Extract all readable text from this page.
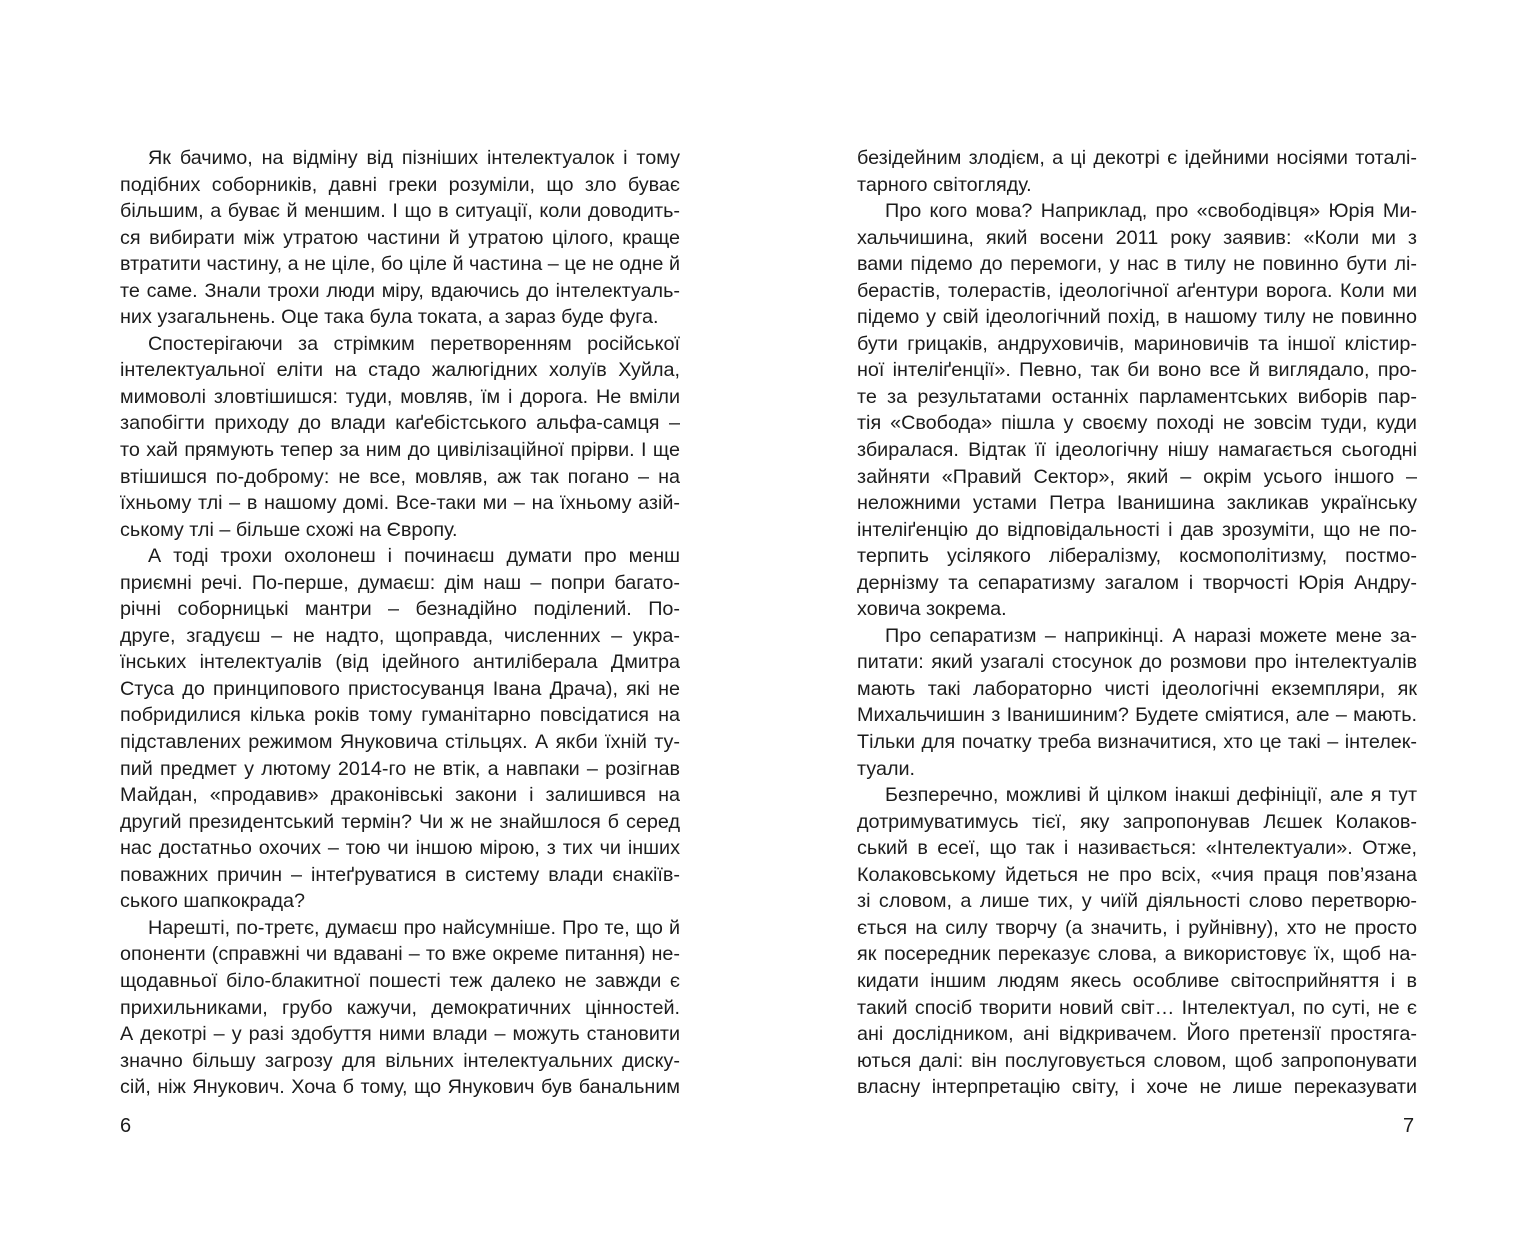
Як бачимо, на відміну від пізніших інтелектуалок і тому
подібних соборників, давні греки розуміли, що зло буває
більшим, а буває й меншим. І що в ситуації, коли доводить-
ся вибирати між утратою частини й утратою цілого, краще
втратити частину, а не ціле, бо ціле й частина – це не одне й
те саме. Знали трохи люди міру, вдаючись до інтелектуаль-
них узагальнень. Оце така була токата, а зараз буде фуга.
Спостерігаючи за стрімким перетворенням російської
інтелектуальної еліти на стадо жалюгідних холуїв Хуйла,
мимоволі зловтішишся: туди, мовляв, їм і дорога. Не вміли
запобігти приходу до влади каґебістського альфа-самця –
то хай прямують тепер за ним до цивілізаційної прірви. І ще
втішишся по-доброму: не все, мовляв, аж так погано – на
їхньому тлі – в нашому домі. Все-таки ми – на їхньому азій-
ському тлі – більше схожі на Європу.
А тоді трохи охолонеш і починаєш думати про менш
приємні речі. По-перше, думаєш: дім наш – попри багато-
річні соборницькі мантри – безнадійно поділений. По-
друге, згадуєш – не надто, щоправда, численних – укра-
їнських інтелектуалів (від ідейного антиліберала Дмитра
Стуса до принципового пристосуванця Івана Драча), які не
побридилися кілька років тому гуманітарно повсідатися на
підставлених режимом Януковича стільцях. А якби їхній ту-
пий предмет у лютому 2014-го не втік, а навпаки – розігнав
Майдан, «продавив» драконівські закони і залишився на
другий президентський термін? Чи ж не знайшлося б серед
нас достатньо охочих – тою чи іншою мірою, з тих чи інших
поважних причин – інтеґруватися в систему влади єнакіїв-
ського шапкокрада?
Нарешті, по-третє, думаєш про найсумніше. Про те, що й
опоненти (справжні чи вдавані – то вже окреме питання) не-
щодавньої біло-блакитної пошесті теж далеко не завжди є
прихильниками, грубо кажучи, демократичних цінностей.
А декотрі – у разі здобуття ними влади – можуть становити
значно більшу загрозу для вільних інтелектуальних диску-
сій, ніж Янукович. Хоча б тому, що Янукович був банальним
безідейним злодієм, а ці декотрі є ідейними носіями тоталі-
тарного світогляду.
Про кого мова? Наприклад, про «свободівця» Юрія Ми-
хальчишина, який восени 2011 року заявив: «Коли ми з
вами підемо до перемоги, у нас в тилу не повинно бути лі-
берастів, толерастів, ідеологічної аґентури ворога. Коли ми
підемо у свій ідеологічний похід, в нашому тилу не повинно
бути грицаків, андруховичів, мариновичів та іншої клістир-
ної інтеліґенції». Певно, так би воно все й виглядало, про-
те за результатами останніх парламентських виборів пар-
тія «Свобода» пішла у своєму поході не зовсім туди, куди
збиралася. Відтак її ідеологічну нішу намагається сьогодні
зайняти «Правий Сектор», який – окрім усього іншого –
неложними устами Петра Іванишина закликав українську
інтеліґенцію до відповідальності і дав зрозуміти, що не по-
терпить усілякого лібералізму, космополітизму, постмо-
дернізму та сепаратизму загалом і творчості Юрія Андру-
ховича зокрема.
Про сепаратизм – наприкінці. А наразі можете мене за-
питати: який узагалі стосунок до розмови про інтелектуалів
мають такі лабораторно чисті ідеологічні екземпляри, як
Михальчишин з Іванишиним? Будете сміятися, але – мають.
Тільки для початку треба визначитися, хто це такі – інтелек-
туали.
Безперечно, можливі й цілком інакші дефініції, але я тут
дотримуватимусь тієї, яку запропонував Лєшек Колаков-
ський в есеї, що так і називається: «Інтелектуали». Отже,
Колаковському йдеться не про всіх, «чия праця пов’язана
зі словом, а лише тих, у чиїй діяльності слово перетворю-
ється на силу творчу (а значить, і руйнівну), хто не просто
як посередник переказує слова, а використовує їх, щоб на-
кидати іншим людям якесь особливе світосприйняття і в
такий спосіб творити новий світ… Інтелектуал, по суті, не є
ані дослідником, ані відкривачем. Його претензії простяга-
ються далі: він послуговується словом, щоб запропонувати
власну інтерпретацію світу, і хоче не лише переказувати
6	7
